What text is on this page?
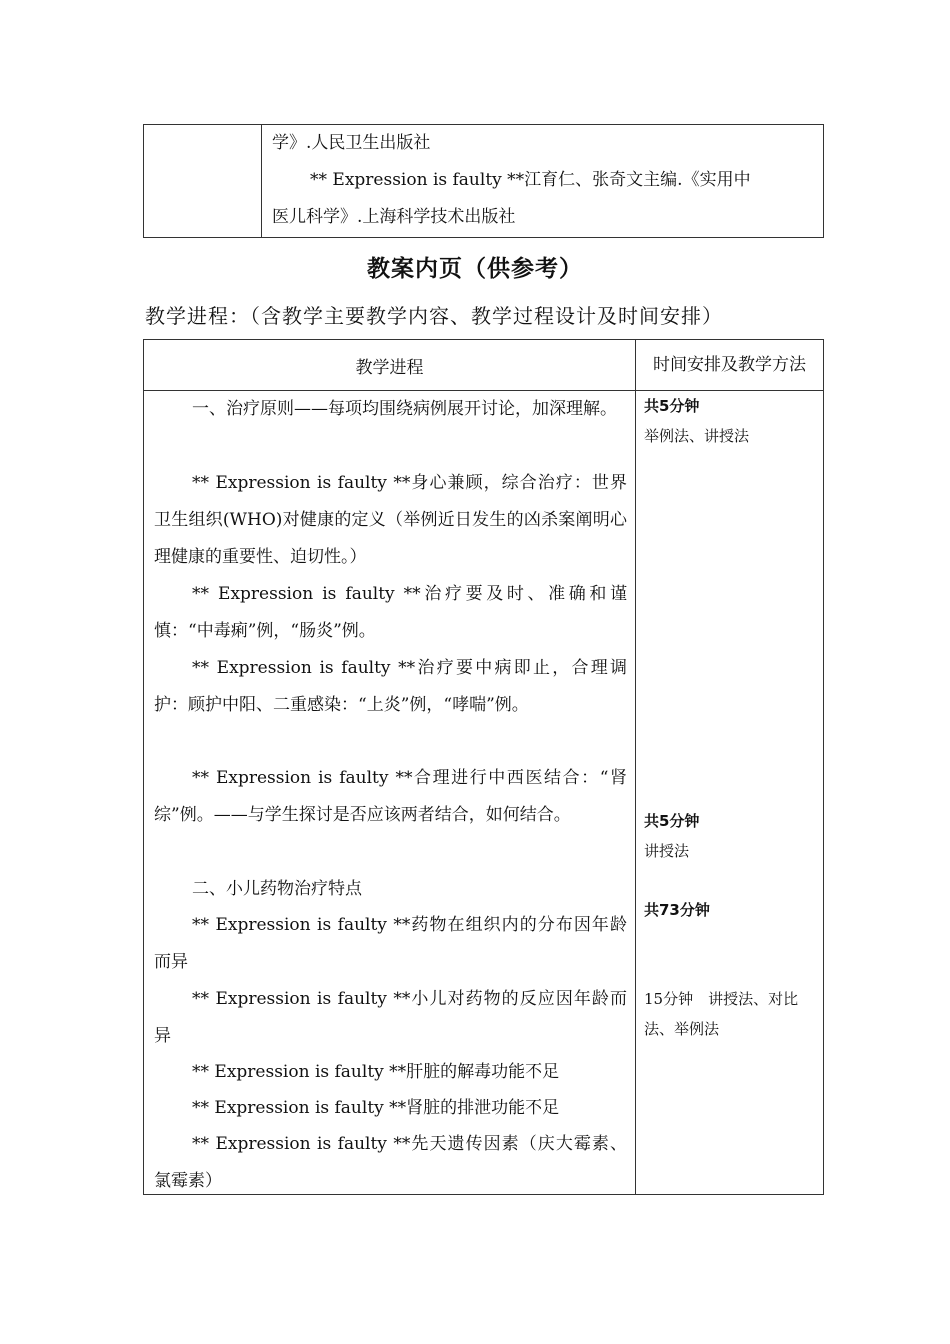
学》.人民卫生出版社
** Expression is faulty **江育仁、张奇文主编.《实用中
医儿科学》.上海科学技术出版社
教案内页（供参考）
教学进程：（含教学主要教学内容、教学过程设计及时间安排）
教学进程	时间安排及教学方法
一、治疗原则——每项均围绕病例展开讨论，加深理解。
** Expression is faulty **身心兼顾，综合治疗：世界卫生组织(WHO)对健康的定义（举例近日发生的凶杀案阐明心理健康的重要性、迫切性。）
** Expression is faulty **治疗要及时、准确和谨慎：“中毒痢”例，“肠炎”例。
** Expression is faulty **治疗要中病即止，合理调护：顾护中阳、二重感染：“上炎”例，“哮喘”例。
** Expression is faulty **合理进行中西医结合：“肾综”例。——与学生探讨是否应该两者结合，如何结合。
二、小儿药物治疗特点
** Expression is faulty **药物在组织内的分布因年龄而异
** Expression is faulty **小儿对药物的反应因年龄而异
** Expression is faulty **肝脏的解毒功能不足
** Expression is faulty **肾脏的排泄功能不足
** Expression is faulty **先天遗传因素（庆大霉素、氯霉素）
共5分钟
举例法、讲授法
共5分钟
讲授法
共73分钟
15分钟　讲授法、对比法、举例法
